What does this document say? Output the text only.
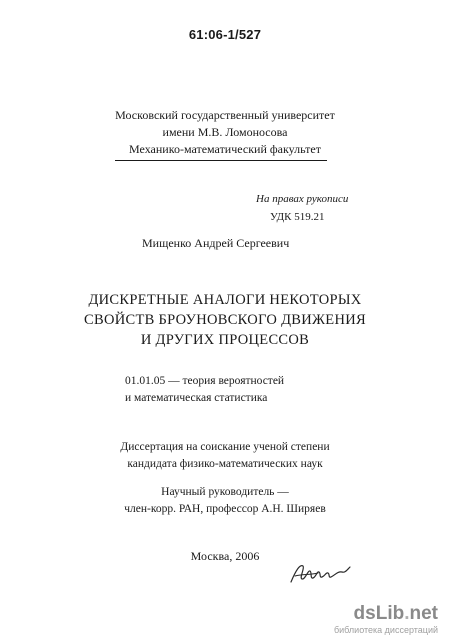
61:06-1/527
Московский государственный университет
имени М.В. Ломоносова
Механико-математический факультет
На правах рукописи
УДК 519.21
Мищенко Андрей Сергеевич
ДИСКРЕТНЫЕ АНАЛОГИ НЕКОТОРЫХ
СВОЙСТВ БРОУНОВСКОГО ДВИЖЕНИЯ
И ДРУГИХ ПРОЦЕССОВ
01.01.05 — теория вероятностей
и математическая статистика
Диссертация на соискание ученой степени
кандидата физико-математических наук
Научный руководитель —
член-корр. РАН, профессор А.Н. Ширяев
Москва, 2006
dsLib.net
библиотека диссертаций
